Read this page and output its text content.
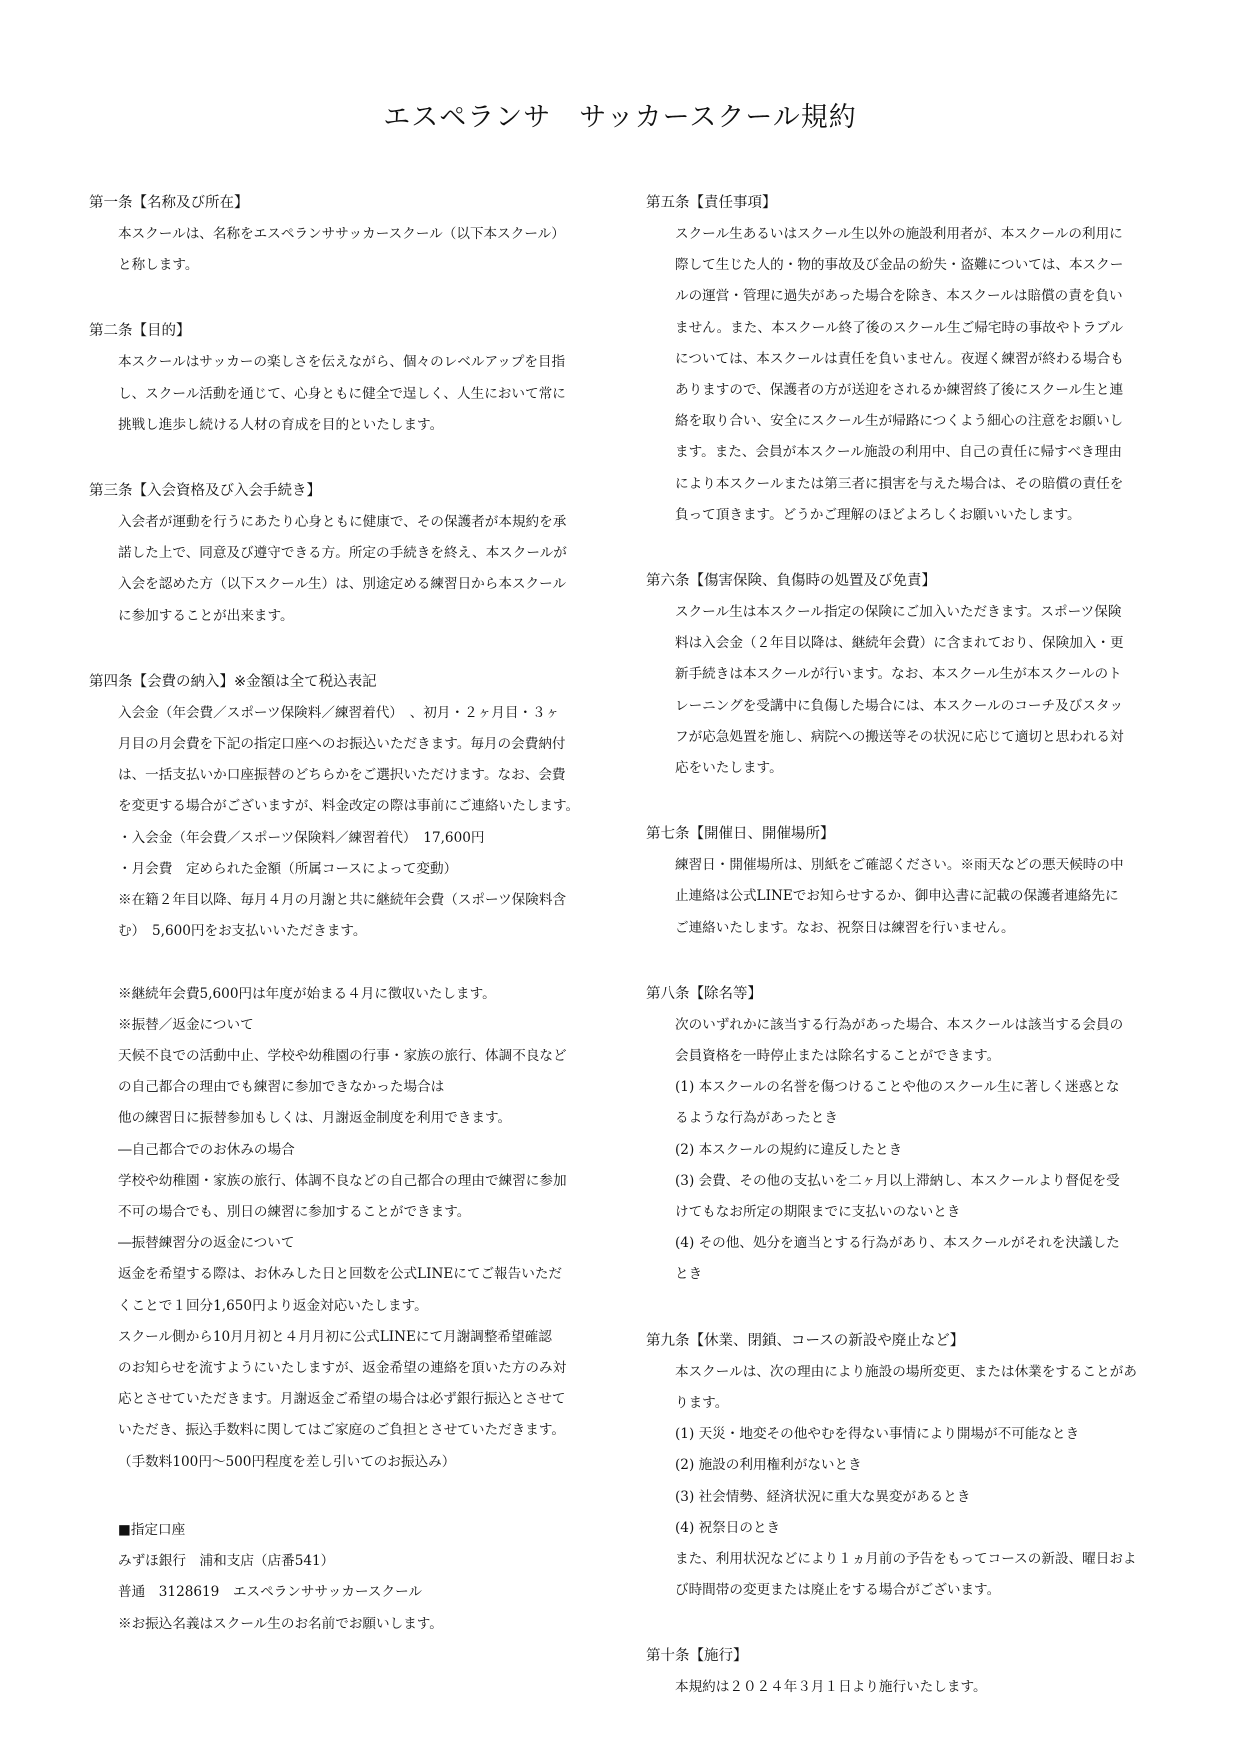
エスペランサ　サッカースクール規約
第一条【名称及び所在】
本スクールは、名称をエスペランササッカースクール（以下本スクール）
と称します。
第二条【目的】
本スクールはサッカーの楽しさを伝えながら、個々のレベルアップを目指
し、スクール活動を通じて、心身ともに健全で逞しく、人生において常に
挑戦し進歩し続ける人材の育成を目的といたします。
第三条【入会資格及び入会手続き】
入会者が運動を行うにあたり心身ともに健康で、その保護者が本規約を承
諾した上で、同意及び遵守できる方。所定の手続きを終え、本スクールが
入会を認めた方（以下スクール生）は、別途定める練習日から本スクール
に参加することが出来ます。
第四条【会費の納入】※金額は全て税込表記
入会金（年会費／スポーツ保険料／練習着代）　、初月・２ヶ月目・３ヶ
月目の月会費を下記の指定口座へのお振込いただきます。毎月の会費納付
は、一括支払いか口座振替のどちらかをご選択いただけます。なお、会費
を変更する場合がございますが、料金改定の際は事前にご連絡いたします。
・入会金（年会費／スポーツ保険料／練習着代）　17,600円
・月会費　定められた金額（所属コースによって変動）
※在籍２年目以降、毎月４月の月謝と共に継続年会費（スポーツ保険料含
む）　5,600円をお支払いいただきます。
※継続年会費5,600円は年度が始まる４月に徴収いたします。
※振替／返金について
天候不良での活動中止、学校や幼稚園の行事・家族の旅行、体調不良など
の自己都合の理由でも練習に参加できなかった場合は
他の練習日に振替参加もしくは、月謝返金制度を利用できます。
―自己都合でのお休みの場合
学校や幼稚園・家族の旅行、体調不良などの自己都合の理由で練習に参加
不可の場合でも、別日の練習に参加することができます。
―振替練習分の返金について
返金を希望する際は、お休みした日と回数を公式LINEにてご報告いただ
くことで１回分1,650円より返金対応いたします。
スクール側から10月月初と４月月初に公式LINEにて月謝調整希望確認
のお知らせを流すようにいたしますが、返金希望の連絡を頂いた方のみ対
応とさせていただきます。月謝返金ご希望の場合は必ず銀行振込とさせて
いただき、振込手数料に関してはご家庭のご負担とさせていただきます。
（手数料100円～500円程度を差し引いてのお振込み）
■指定口座
みずほ銀行　浦和支店（店番541）
普通　3128619　エスペランササッカースクール
※お振込名義はスクール生のお名前でお願いします。
第五条【責任事項】
スクール生あるいはスクール生以外の施設利用者が、本スクールの利用に
際して生じた人的・物的事故及び金品の紛失・盗難については、本スクー
ルの運営・管理に過失があった場合を除き、本スクールは賠償の責を負い
ません。また、本スクール終了後のスクール生ご帰宅時の事故やトラブル
については、本スクールは責任を負いません。夜遅く練習が終わる場合も
ありますので、保護者の方が送迎をされるか練習終了後にスクール生と連
絡を取り合い、安全にスクール生が帰路につくよう細心の注意をお願いし
ます。また、会員が本スクール施設の利用中、自己の責任に帰すべき理由
により本スクールまたは第三者に損害を与えた場合は、その賠償の責任を
負って頂きます。どうかご理解のほどよろしくお願いいたします。
第六条【傷害保険、負傷時の処置及び免責】
スクール生は本スクール指定の保険にご加入いただきます。スポーツ保険
料は入会金（２年目以降は、継続年会費）に含まれており、保険加入・更
新手続きは本スクールが行います。なお、本スクール生が本スクールのト
レーニングを受講中に負傷した場合には、本スクールのコーチ及びスタッ
フが応急処置を施し、病院への搬送等その状況に応じて適切と思われる対
応をいたします。
第七条【開催日、開催場所】
練習日・開催場所は、別紙をご確認ください。※雨天などの悪天候時の中
止連絡は公式LINEでお知らせするか、御申込書に記載の保護者連絡先に
ご連絡いたします。なお、祝祭日は練習を行いません。
第八条【除名等】
次のいずれかに該当する行為があった場合、本スクールは該当する会員の
会員資格を一時停止または除名することができます。
(1) 本スクールの名誉を傷つけることや他のスクール生に著しく迷惑とな
るような行為があったとき
(2) 本スクールの規約に違反したとき
(3) 会費、その他の支払いを二ヶ月以上滞納し、本スクールより督促を受
けてもなお所定の期限までに支払いのないとき
(4) その他、処分を適当とする行為があり、本スクールがそれを決議した
とき
第九条【休業、閉鎖、コースの新設や廃止など】
本スクールは、次の理由により施設の場所変更、または休業をすることがあ
ります。
(1) 天災・地変その他やむを得ない事情により開場が不可能なとき
(2) 施設の利用権利がないとき
(3) 社会情勢、経済状況に重大な異変があるとき
(4) 祝祭日のとき
また、利用状況などにより１ヵ月前の予告をもってコースの新設、曜日およ
び時間帯の変更または廃止をする場合がございます。
第十条【施行】
本規約は２０２４年３月１日より施行いたします。
